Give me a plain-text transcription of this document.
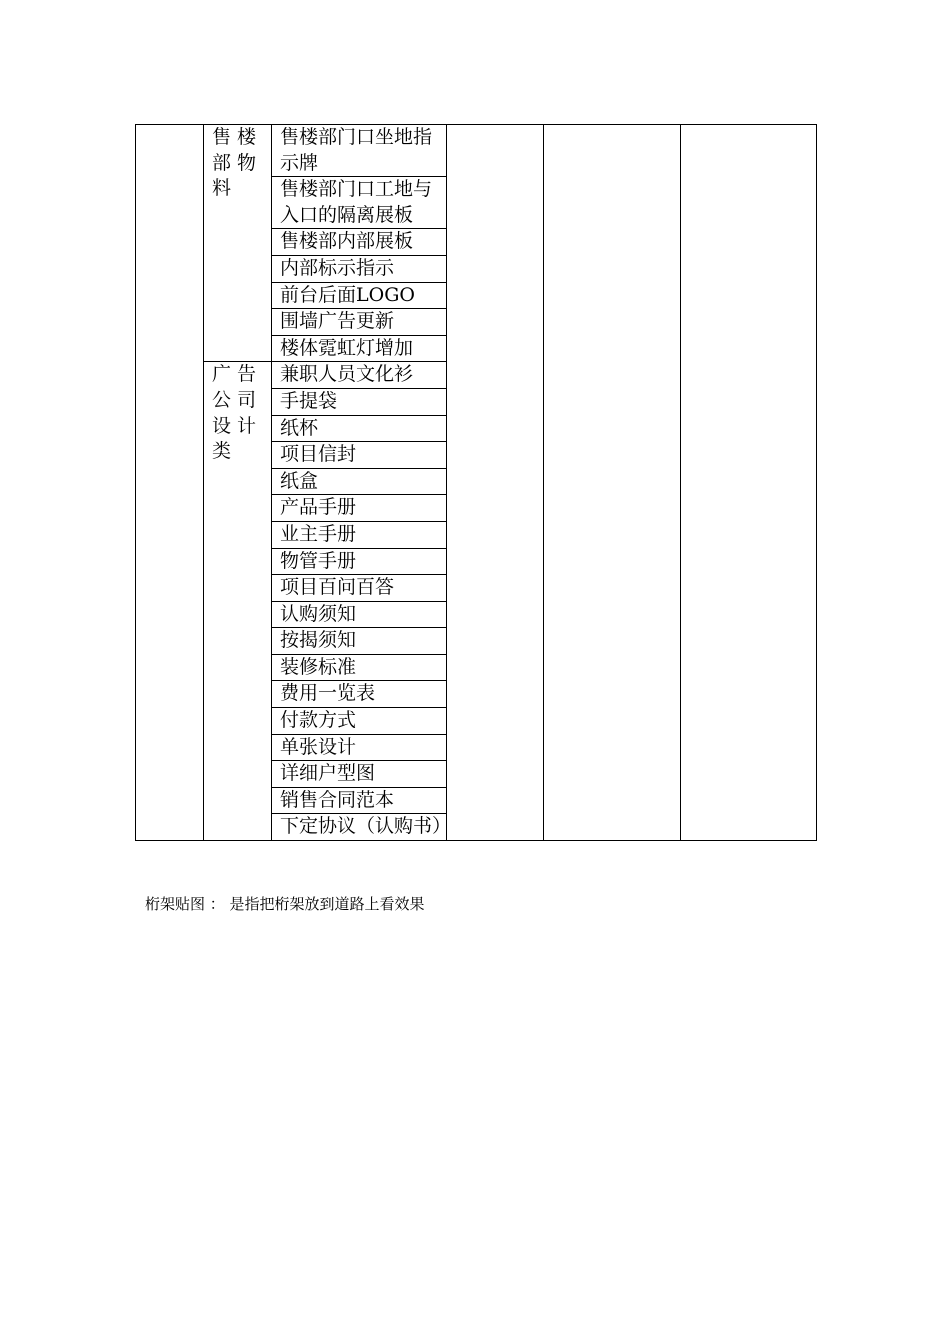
	售楼部物料	售楼部门口坐地指示牌			
		售楼部门口工地与入口的隔离展板			
		售楼部内部展板			
		内部标示指示			
		前台后面LOGO			
		围墙广告更新			
		楼体霓虹灯增加			
	广告公司设计类	兼职人员文化衫			
		手提袋			
		纸杯			
		项目信封			
		纸盒			
		产品手册			
		业主手册			
		物管手册			
		项目百问百答			
		认购须知			
		按揭须知			
		装修标准			
		费用一览表			
		付款方式			
		单张设计			
		详细户型图			
		销售合同范本			
		下定协议（认购书）			
桁架贴图 ： 是指把桁架放到道路上看效果
